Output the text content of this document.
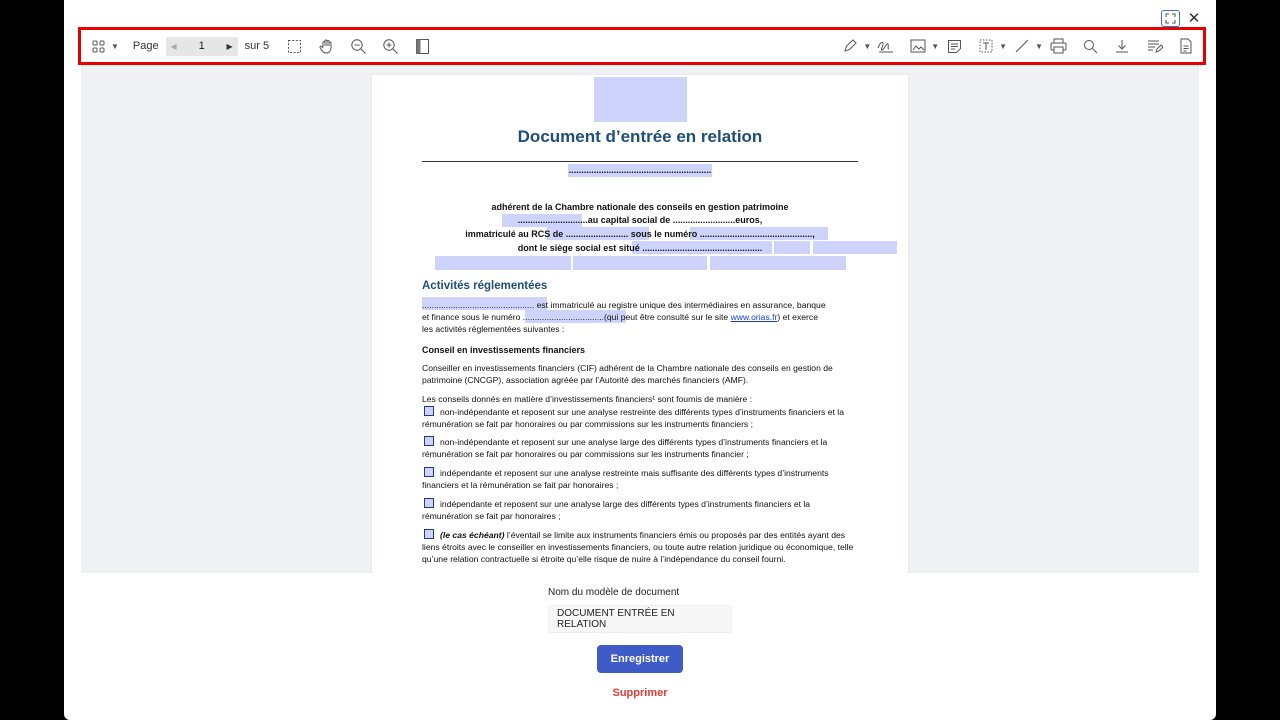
✕
▼ Page	◀
1	▶	sur 5	▼	▼	▼	▼
Document d’entrée en relation
.........................................................
adhérent de la Chambre nationale des conseils en gestion patrimoine
............................au capital social de .........................euros,
immatriculé au RCS de ......................... sous le numéro .............................................,
dont le siège social est situé ................................................
Activités réglementées
............................................... est immatriculé au registre unique des intermédiaires en assurance, banque
et finance sous le numéro ..................................(qui peut être consulté sur le site www.orias.fr) et exerce
les activités réglementées suivantes :
Conseil en investissements financiers
Conseiller en investissements financiers (CIF) adhérent de la Chambre nationale des conseils en gestion de patrimoine (CNCGP), association agréée par l’Autorité des marchés financiers (AMF).
Les conseils donnés en matière d’investissements financiers¹ sont fournis de manière :
non-indépendante et reposent sur une analyse restreinte des différents types d’instruments financiers et la rémunération se fait par honoraires ou par commissions sur les instruments financiers ;
non-indépendante et reposent sur une analyse large des différents types d’instruments financiers et la rémunération se fait par honoraires ou par commissions sur les instruments financier ;
indépendante et reposent sur une analyse restreinte mais suffisante des différents types d’instruments financiers et la rémunération se fait par honoraires ;
indépendante et reposent sur une analyse large des différents types d’instruments financiers et la rémunération se fait par honoraires ;
(le cas échéant) l’éventail se limite aux instruments financiers émis ou proposés par des entités ayant des liens étroits avec le conseiller en investissements financiers, ou toute autre relation juridique ou économique, telle qu’une relation contractuelle si étroite qu’elle risque de nuire à l’indépendance du conseil fourni.
Nom du modèle de document
DOCUMENT ENTRÉE EN RELATION
Enregistrer
Supprimer
